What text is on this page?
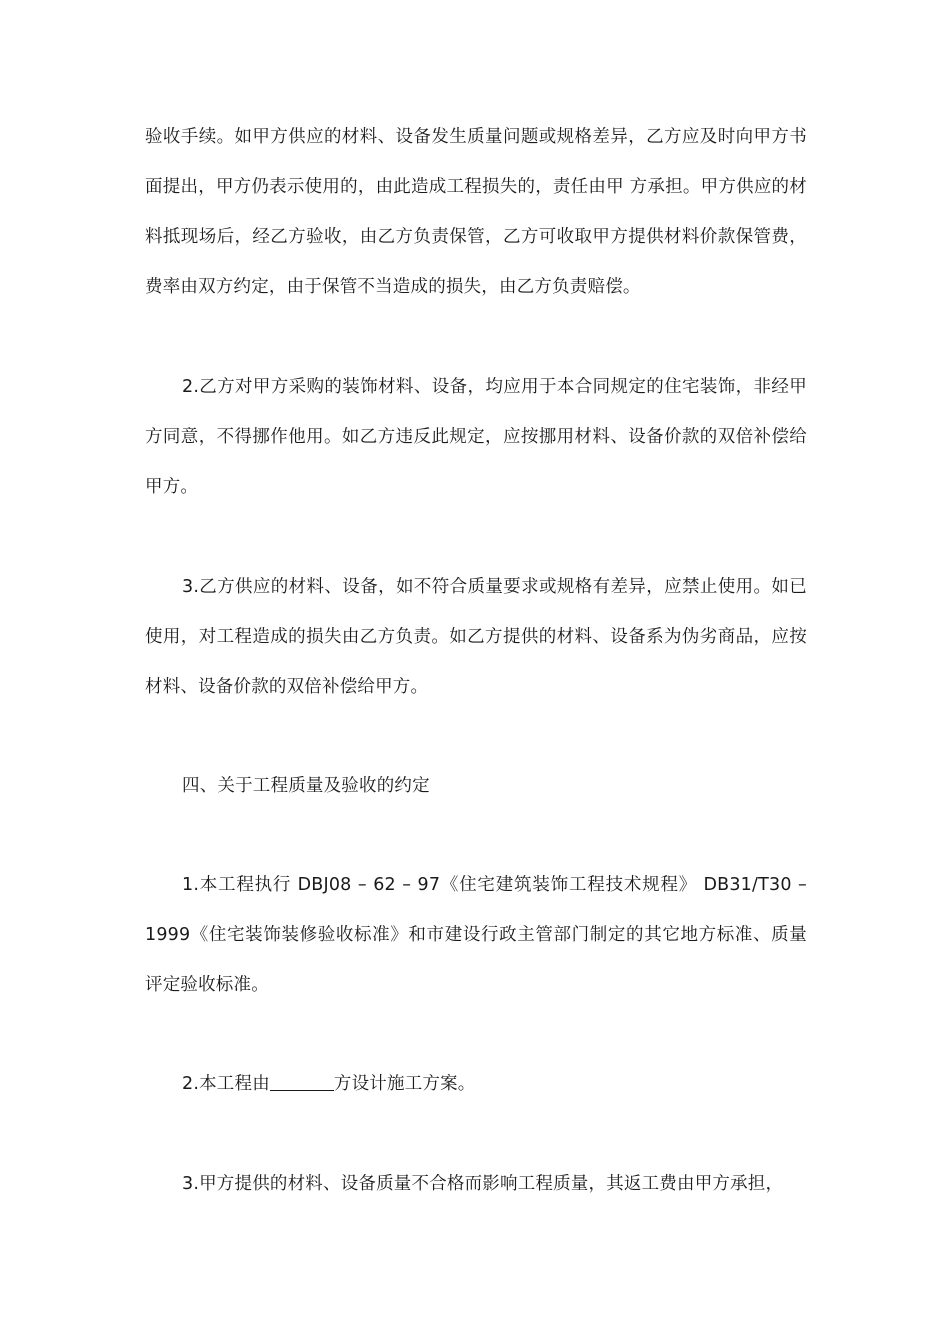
验收手续。如甲方供应的材料、设备发生质量问题或规格差异，乙方应及时向甲方书面提出，甲方仍表示使用的，由此造成工程损失的，责任由甲 方承担。甲方供应的材料抵现场后，经乙方验收，由乙方负责保管，乙方可收取甲方提供材料价款保管费，费率由双方约定，由于保管不当造成的损失，由乙方负责赔偿。

2.乙方对甲方采购的装饰材料、设备，均应用于本合同规定的住宅装饰，非经甲方同意，不得挪作他用。如乙方违反此规定，应按挪用材料、设备价款的双倍补偿给甲方。

3.乙方供应的材料、设备，如不符合质量要求或规格有差异，应禁止使用。如已使用，对工程造成的损失由乙方负责。如乙方提供的材料、设备系为伪劣商品，应按材料、设备价款的双倍补偿给甲方。

四、关于工程质量及验收的约定

1.本工程执行 DBJ08 – 62 – 97《住宅建筑装饰工程技术规程》 DB31/T30 – 1999《住宅装饰装修验收标准》和市建设行政主管部门制定的其它地方标准、质量评定验收标准。

2.本工程由	方设计施工方案。

3.甲方提供的材料、设备质量不合格而影响工程质量，其返工费由甲方承担，
